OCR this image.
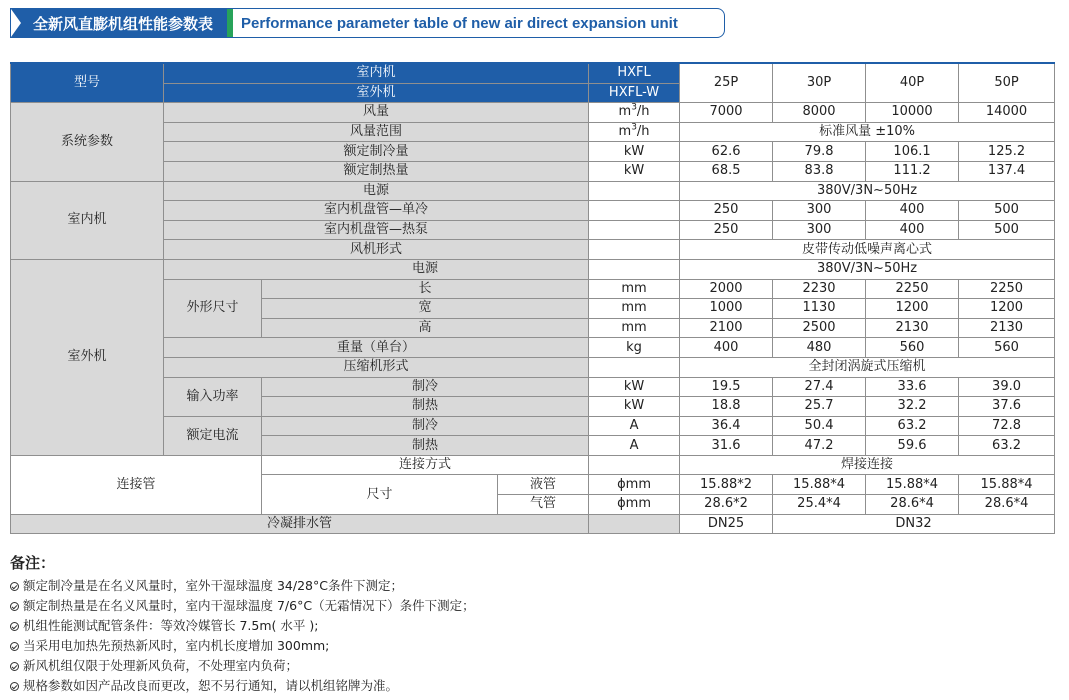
全新风直膨机组性能参数表	Performance parameter table of new air direct expansion unit
型号	室内机			HXFL	25P	30P	40P	50P
	室外机			HXFL-W				
系统参数	风量			$m^3/h$	7000	8000	10000	14000
	风量范围			$m^3/h$	标准风量 ±10%			
	额定制冷量			kW	62.6	79.8	106.1	125.2
	额定制热量			kW	68.5	83.8	111.2	137.4
室内机	电源				380V/3N~50Hz			
	室内机盘管—单冷				250	300	400	500
	室内机盘管—热泵				250	300	400	500
	风机形式				皮带传动低噪声离心式			
室外机	电源				380V/3N~50Hz			
	外形尺寸	长		mm	2000	2230	2250	2250
		宽		mm	1000	1130	1200	1200
		高		mm	2100	2500	2130	2130
	重量（单台）			kg	400	480	560	560
	压缩机形式				全封闭涡旋式压缩机			
	输入功率	制冷		kW	19.5	27.4	33.6	39.0
		制热		kW	18.8	25.7	32.2	37.6
	额定电流	制冷		A	36.4	50.4	63.2	72.8
		制热		A	31.6	47.2	59.6	63.2
连接管		连接方式			焊接连接			
		尺寸	液管	ϕmm	15.88*2	15.88*4	15.88*4	15.88*4
			气管	ϕmm	28.6*2	25.4*4	28.6*4	28.6*4
冷凝排水管					DN25	DN32		
备注：
额定制冷量是在名义风量时，室外干湿球温度 34/28°C条件下测定；
额定制热量是在名义风量时，室内干湿球温度 7/6°C（无霜情况下）条件下测定；
机组性能测试配管条件：等效冷媒管长 7.5m( 水平 );
当采用电加热先预热新风时，室内机长度增加 300mm;
新风机组仅限于处理新风负荷，不处理室内负荷；
规格参数如因产品改良而更改，恕不另行通知，请以机组铭牌为准。
